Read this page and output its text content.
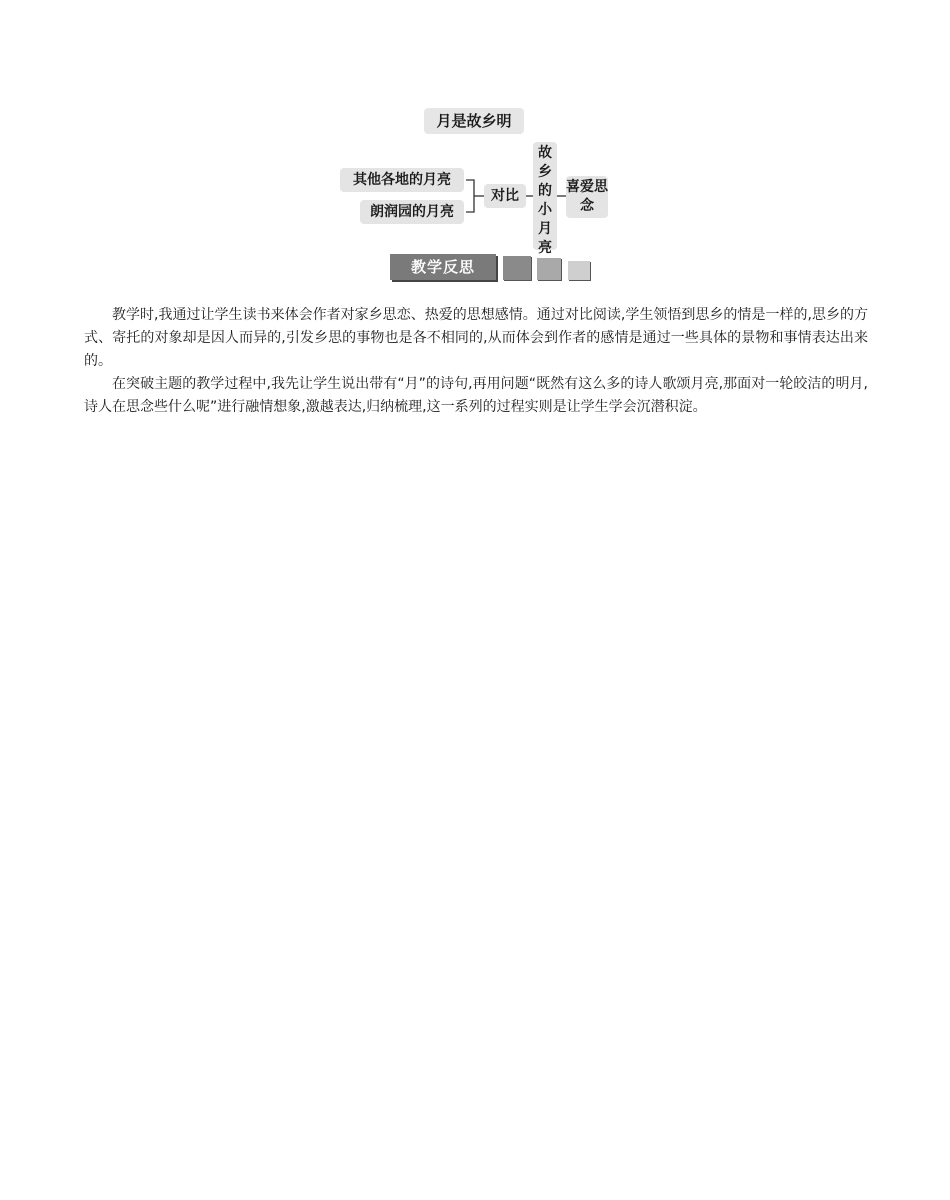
月是故乡明
其他各地的月亮
朗润园的月亮
对比
故乡的小月亮
喜爱思念
教学反思

教学时,我通过让学生读书来体会作者对家乡思恋、热爱的思想感情。通过对比阅读,学生领悟到思乡的情是一样的,思乡的方式、寄托的对象却是因人而异的,引发乡思的事物也是各不相同的,从而体会到作者的感情是通过一些具体的景物和事情表达出来的。

在突破主题的教学过程中,我先让学生说出带有“月”的诗句,再用问题“既然有这么多的诗人歌颂月亮,那面对一轮皎洁的明月,诗人在思念些什么呢”进行融情想象,激越表达,归纳梳理,这一系列的过程实则是让学生学会沉潜积淀。
